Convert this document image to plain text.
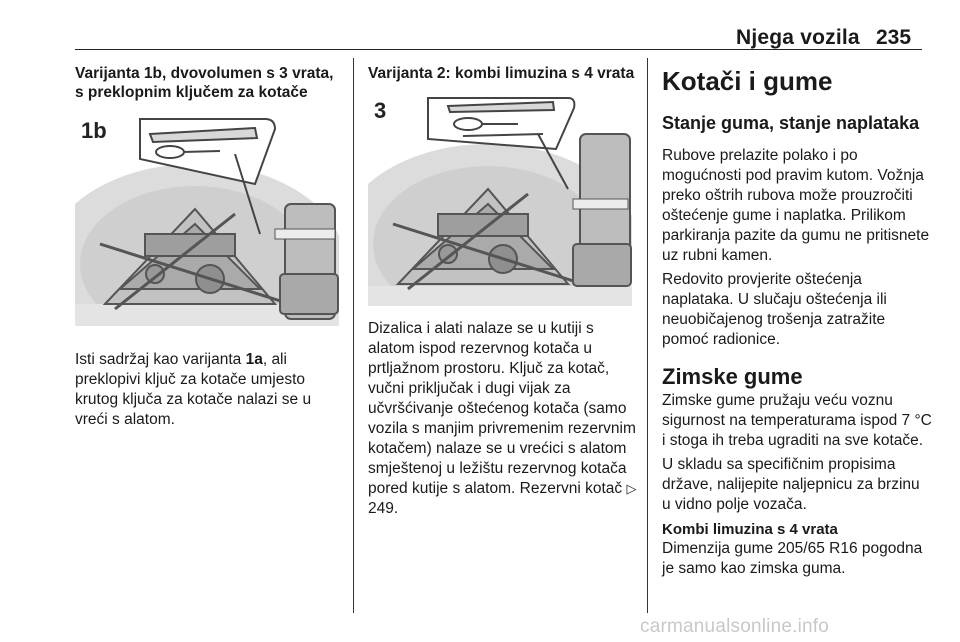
Njega vozila 235

Varijanta 1b, dvovolumen s 3 vrata, s preklopnim ključem za kotače

1b

Isti sadržaj kao varijanta 1a, ali preklopivi ključ za kotače umjesto krutog ključa za kotače nalazi se u vreći s alatom.

Varijanta 2: kombi limuzina s 4 vrata

3

Dizalica i alati nalaze se u kutiji s alatom ispod rezervnog kotača u prtljažnom prostoru. Ključ za kotač, vučni priključak i dugi vijak za učvršćivanje oštećenog kotača (samo vozila s manjim privremenim rezervnim kotačem) nalaze se u vrećici s alatom smještenoj u ležištu rezervnog kotača pored kutije s alatom. Rezervni kotač ▷ 249.

Kotači i gume

Stanje guma, stanje naplataka

Rubove prelazite polako i po mogućnosti pod pravim kutom. Vožnja preko oštrih rubova može prouzročiti oštećenje gume i naplatka. Prilikom parkiranja pazite da gumu ne pritisnete uz rubni kamen.

Redovito provjerite oštećenja naplataka. U slučaju oštećenja ili neuobičajenog trošenja zatražite pomoć radionice.

Zimske gume

Zimske gume pružaju veću voznu sigurnost na temperaturama ispod 7 °C i stoga ih treba ugraditi na sve kotače.

U skladu sa specifičnim propisima države, nalijepite naljepnicu za brzinu u vidno polje vozača.

Kombi limuzina s 4 vrata

Dimenzija gume 205/65 R16 pogodna je samo kao zimska guma.

carmanualsonline.info
